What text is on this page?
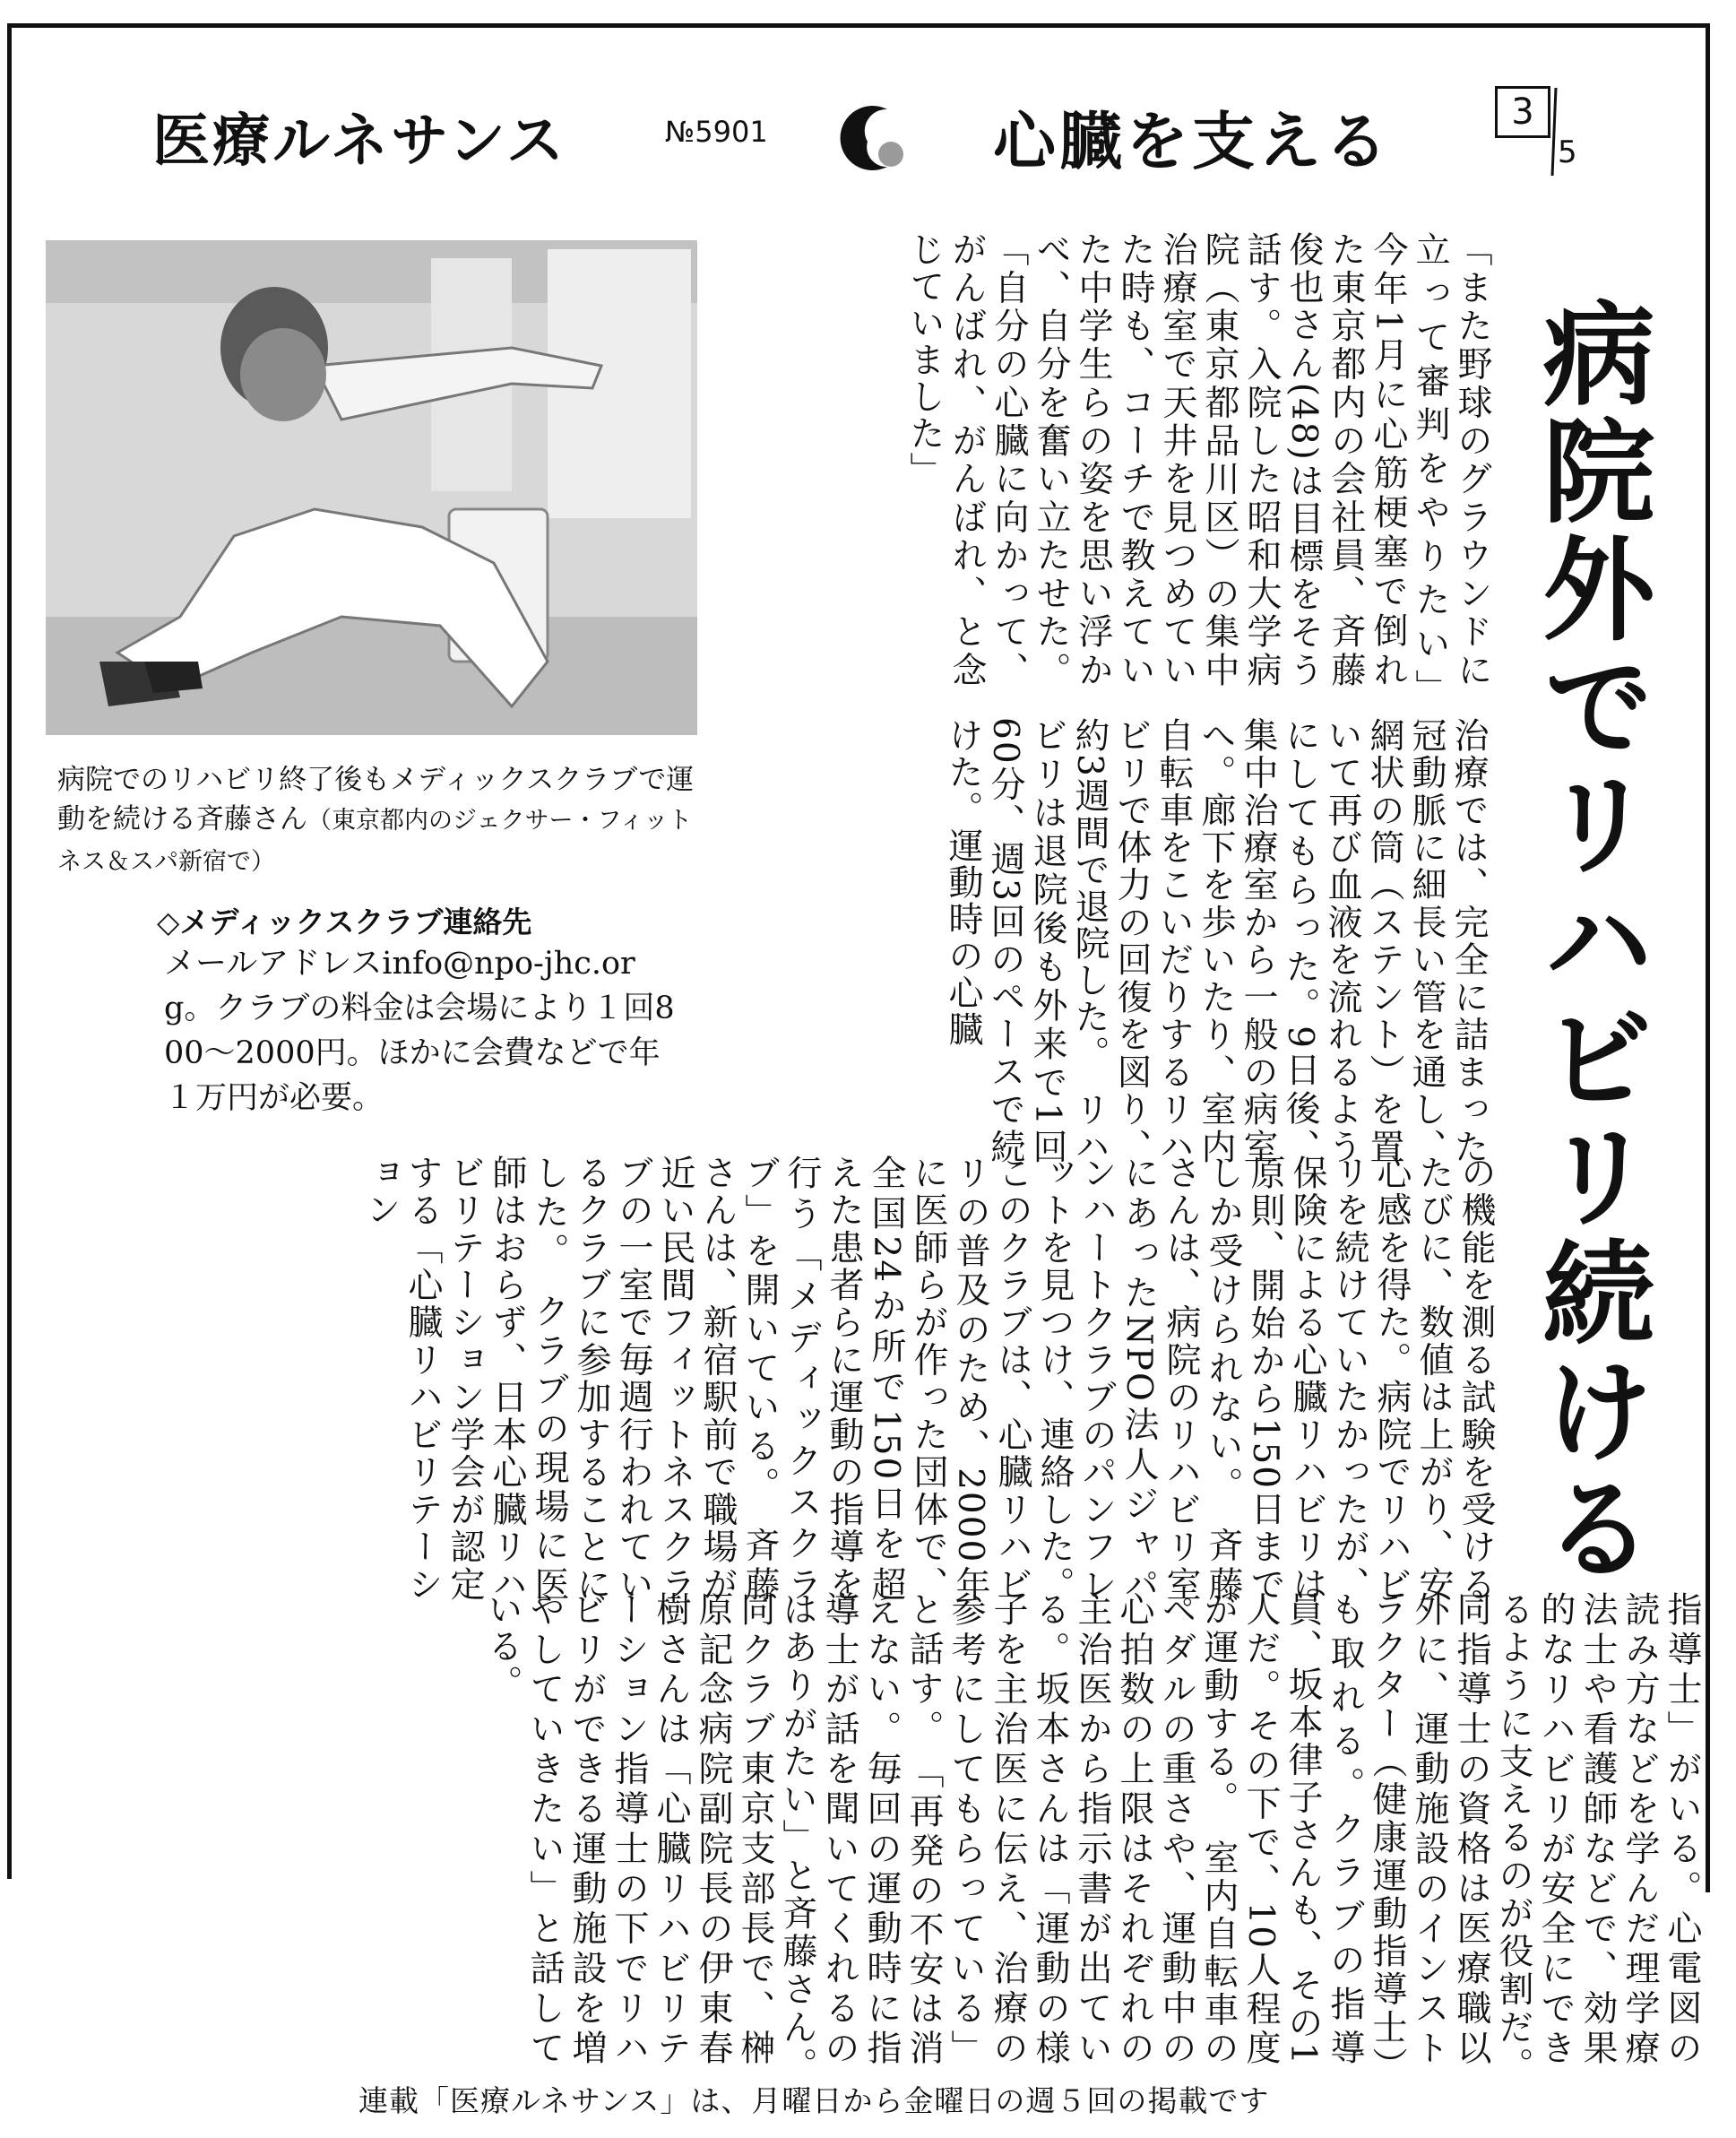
医療ルネサンス	№5901	心臓を支える	3
5
病院外でリハビリ続ける
病院でのリハビリ終了後もメディックスクラブで運動を続ける斉藤さん（東京都内のジェクサー・フィットネス＆スパ新宿で）
◇メディックスクラブ連絡先
メールアドレスinfo@npo-jhc.org。クラブの料金は会場により１回800〜2000円。ほかに会費などで年１万円が必要。
「また野球のグラウンドに立って審判をやりたい」　今年1月に心筋梗塞で倒れた東京都内の会社員、斉藤俊也さん(48)は目標をそう話す。入院した昭和大学病院（東京都品川区）の集中治療室で天井を見つめていた時も、コーチで教えていた中学生らの姿を思い浮かべ、自分を奮い立たせた。「自分の心臓に向かって、がんばれ、がんばれ、と念じていました」
治療では、完全に詰まった冠動脈に細長い管を通し、網状の筒（ステント）を置いて再び血液を流れるようにしてもらった。9日後、集中治療室から一般の病室へ。廊下を歩いたり、室内自転車をこいだりするリハビリで体力の回復を図り、約3週間で退院した。　リハビリは退院後も外来で1回60分、週3回のペースで続けた。運動時の心臓
の機能を測る試験を受けるたびに、数値は上がり、安心感を得た。病院でリハビリを続けていたかったが、保険による心臓リハビリは原則、開始から150日までしか受けられない。　斉藤さんは、病院のリハビリ室にあったNPO法人ジャパンハートクラブのパンフレットを見つけ、連絡した。このクラブは、心臓リハビリの普及のため、2000年に医師らが作った団体で、全国24か所で150日を超えた患者らに運動の指導を行う「メディックスクラブ」を開いている。　斉藤さんは、新宿駅前で職場が近い民間フィットネスクラブの一室で毎週行われているクラブに参加することにした。　クラブの現場に医師はおらず、日本心臓リハビリテーション学会が認定する「心臓リハビリテーション
指導士」がいる。心電図の読み方などを学んだ理学療法士や看護師などで、効果的なリハビリが安全にできるように支えるのが役割だ。　同指導士の資格は医療職以外に、運動施設のインストラクター（健康運動指導士）も取れる。クラブの指導員、坂本律子さんも、その1人だ。その下で、10人程度が運動する。　室内自転車のペダルの重さや、運動中の心拍数の上限はそれぞれの主治医から指示書が出ている。坂本さんは「運動の様子を主治医に伝え、治療の参考にしてもらっている」と話す。　「再発の不安は消えない。毎回の運動時に指導士が話を聞いてくれるのはありがたい」と斉藤さん。　同クラブ東京支部長で、榊原記念病院副院長の伊東春樹さんは「心臓リハビリテーション指導士の下でリハビリができる運動施設を増やしていきたい」と話している。
連載「医療ルネサンス」は、月曜日から金曜日の週５回の掲載です
